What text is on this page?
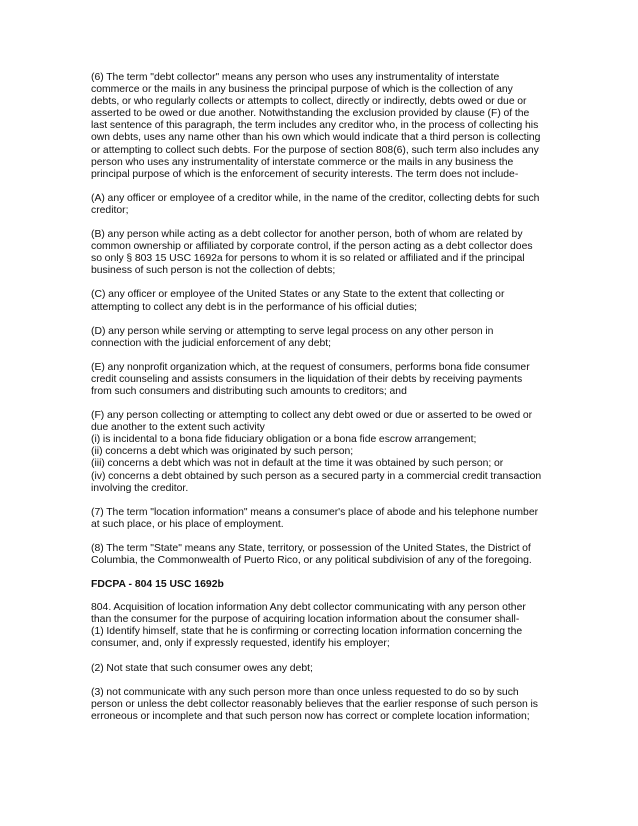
(6) The term "debt collector" means any person who uses any instrumentality of interstate commerce or the mails in any business the principal purpose of which is the collection of any debts, or who regularly collects or attempts to collect, directly or indirectly, debts owed or due or asserted to be owed or due another. Notwithstanding the exclusion provided by clause (F) of the last sentence of this paragraph, the term includes any creditor who, in the process of collecting his own debts, uses any name other than his own which would indicate that a third person is collecting or attempting to collect such debts. For the purpose of section 808(6), such term also includes any person who uses any instrumentality of interstate commerce or the mails in any business the principal purpose of which is the enforcement of security interests. The term does not include-

(A) any officer or employee of a creditor while, in the name of the creditor, collecting debts for such creditor;

(B) any person while acting as a debt collector for another person, both of whom are related by common ownership or affiliated by corporate control, if the person acting as a debt collector does so only § 803 15 USC 1692a for persons to whom it is so related or affiliated and if the principal business of such person is not the collection of debts;

(C) any officer or employee of the United States or any State to the extent that collecting or attempting to collect any debt is in the performance of his official duties;

(D) any person while serving or attempting to serve legal process on any other person in connection with the judicial enforcement of any debt;

(E) any nonprofit organization which, at the request of consumers, performs bona fide consumer credit counseling and assists consumers in the liquidation of their debts by receiving payments from such consumers and distributing such amounts to creditors; and

(F) any person collecting or attempting to collect any debt owed or due or asserted to be owed or due another to the extent such activity
(i) is incidental to a bona fide fiduciary obligation or a bona fide escrow arrangement;
(ii) concerns a debt which was originated by such person;
(iii) concerns a debt which was not in default at the time it was obtained by such person; or
(iv) concerns a debt obtained by such person as a secured party in a commercial credit transaction involving the creditor.

(7) The term "location information" means a consumer's place of abode and his telephone number at such place, or his place of employment.

(8) The term "State" means any State, territory, or possession of the United States, the District of Columbia, the Commonwealth of Puerto Rico, or any political subdivision of any of the foregoing.

FDCPA - 804 15 USC 1692b

804. Acquisition of location information Any debt collector communicating with any person other than the consumer for the purpose of acquiring location information about the consumer shall-
(1) Identify himself, state that he is confirming or correcting location information concerning the consumer, and, only if expressly requested, identify his employer;

(2) Not state that such consumer owes any debt;

(3) not communicate with any such person more than once unless requested to do so by such person or unless the debt collector reasonably believes that the earlier response of such person is erroneous or incomplete and that such person now has correct or complete location information;
